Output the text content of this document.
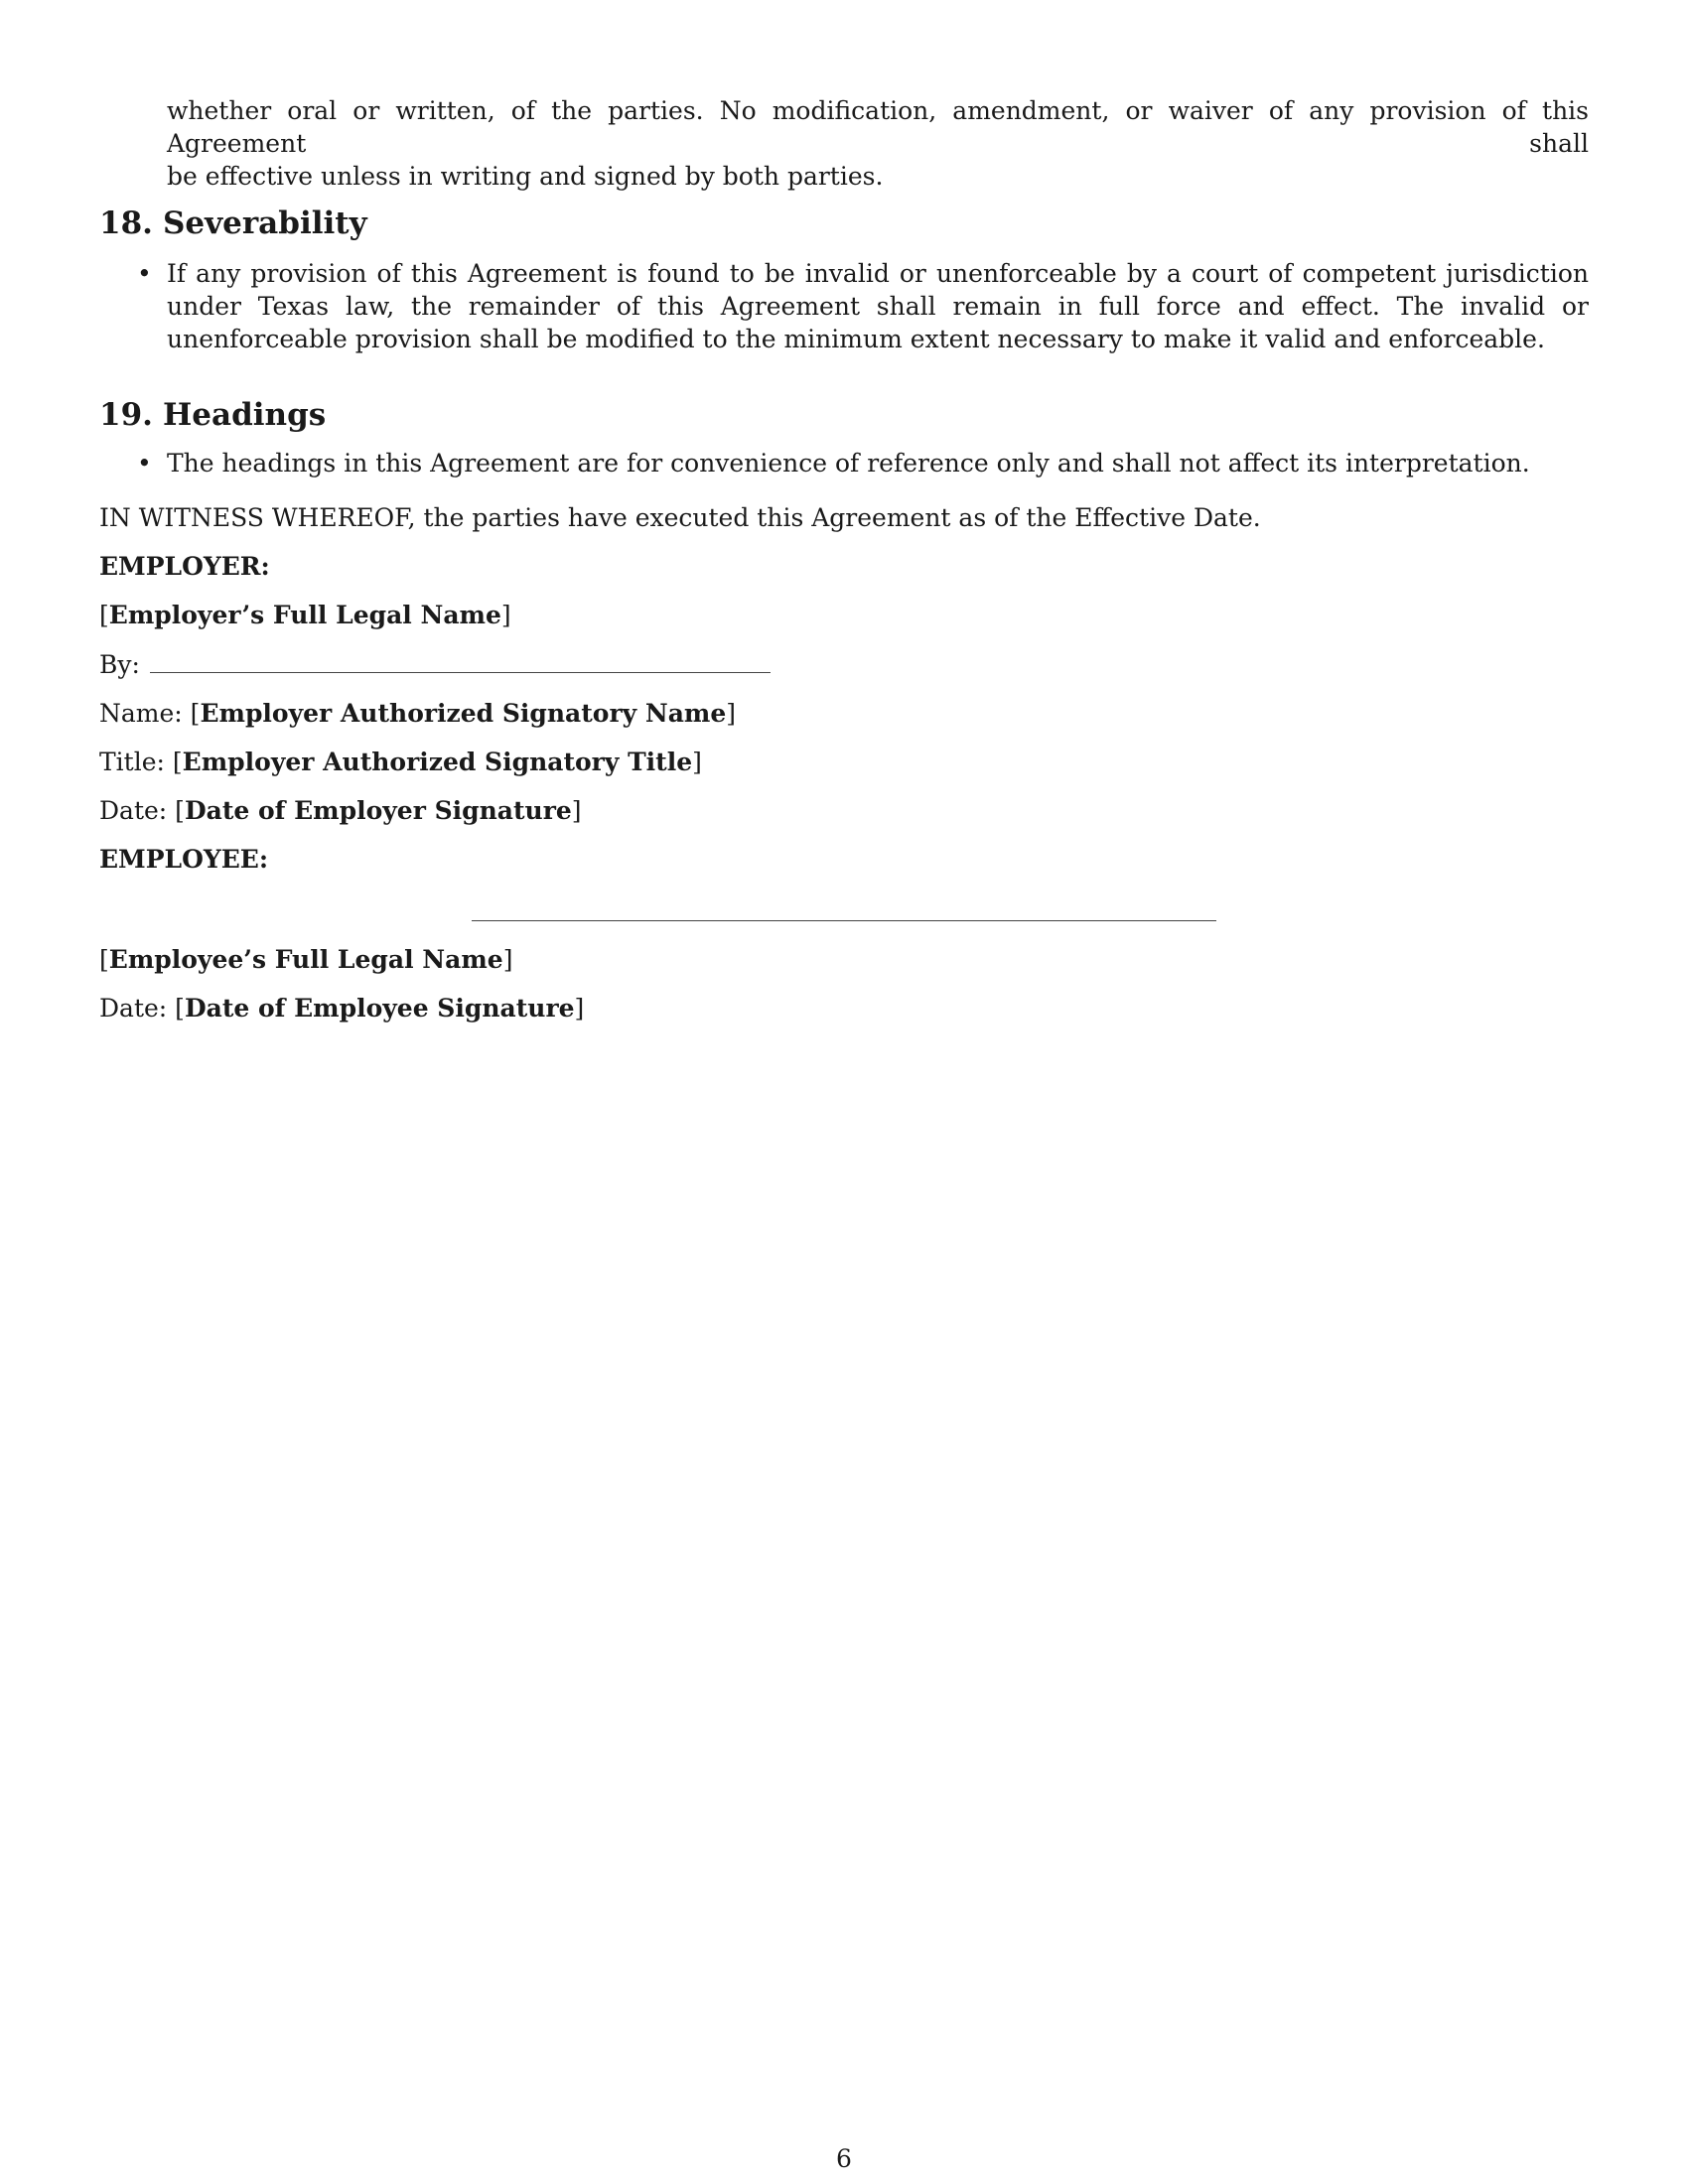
whether oral or written, of the parties. No modification, amendment, or waiver of any provision of this Agreement shall

be effective unless in writing and signed by both parties.

18. Severability
• If any provision of this Agreement is found to be invalid or unenforceable by a court of competent jurisdiction under Texas law, the remainder of this Agreement shall remain in full force and effect. The invalid or unenforceable provision shall be modified to the minimum extent necessary to make it valid and enforceable.
19. Headings
• The headings in this Agreement are for convenience of reference only and shall not affect its interpretation.

IN WITNESS WHEREOF, the parties have executed this Agreement as of the Effective Date.

EMPLOYER:

[Employer’s Full Legal Name]

By:

Name: [Employer Authorized Signatory Name]

Title: [Employer Authorized Signatory Title]

Date: [Date of Employer Signature]

EMPLOYEE:

[Employee’s Full Legal Name]

Date: [Date of Employee Signature]

6
